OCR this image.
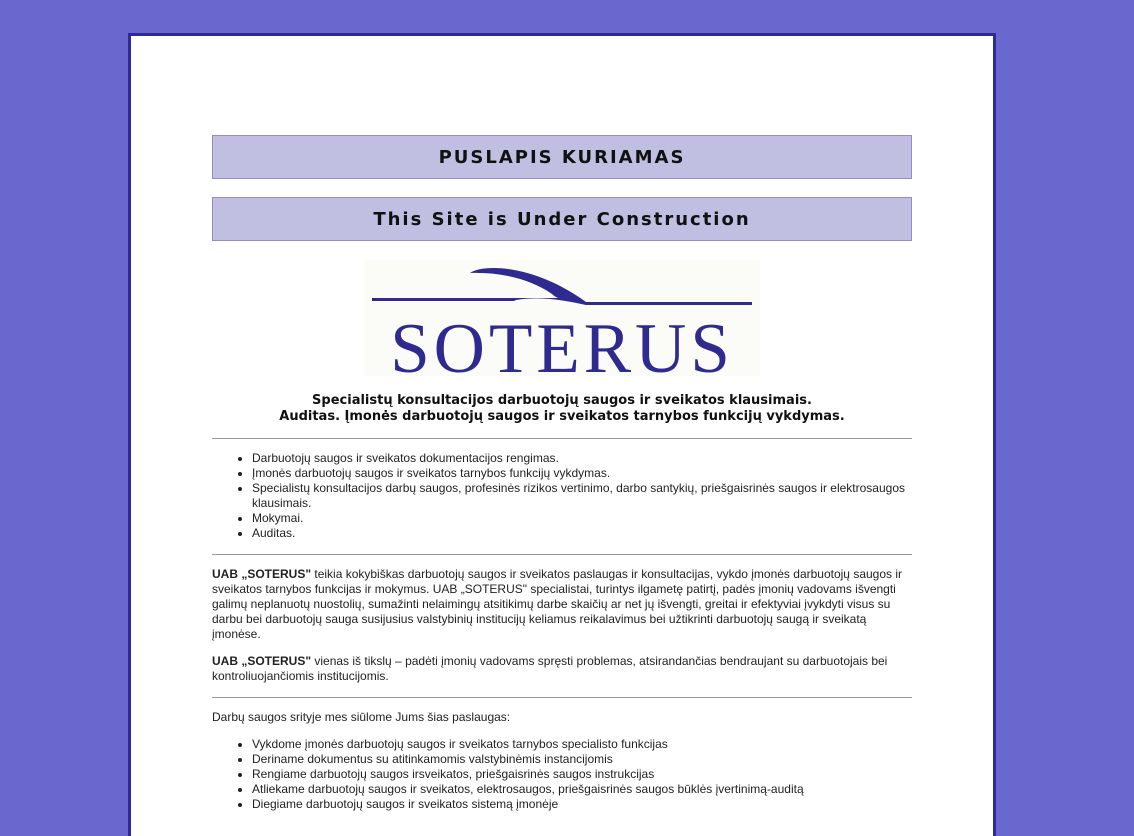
PUSLAPIS KURIAMAS
This Site is Under Construction
SOTERUS
Specialistų konsultacijos darbuotojų saugos ir sveikatos klausimais.
Auditas. Įmonės darbuotojų saugos ir sveikatos tarnybos funkcijų vykdymas.
• Darbuotojų saugos ir sveikatos dokumentacijos rengimas.
• Įmonės darbuotojų saugos ir sveikatos tarnybos funkcijų vykdymas.
• Specialistų konsultacijos darbų saugos, profesinės rizikos vertinimo, darbo santykių, priešgaisrinės saugos ir elektrosaugos klausimais.
• Mokymai.
• Auditas.

UAB „SOTERUS" teikia kokybiškas darbuotojų saugos ir sveikatos paslaugas ir konsultacijas, vykdo įmonės darbuotojų saugos ir sveikatos tarnybos funkcijas ir mokymus. UAB „SOTERUS" specialistai, turintys ilgametę patirtį, padės įmonių vadovams išvengti galimų neplanuotų nuostolių, sumažinti nelaimingų atsitikimų darbe skaičių ar net jų išvengti, greitai ir efektyviai įvykdyti visus su darbu bei darbuotojų sauga susijusius valstybinių institucijų keliamus reikalavimus bei užtikrinti darbuotojų saugą ir sveikatą įmonėse.

UAB „SOTERUS" vienas iš tikslų – padėti įmonių vadovams spręsti problemas, atsirandančias bendraujant su darbuotojais bei kontroliuojančiomis institucijomis.

Darbų saugos srityje mes siūlome Jums šias paslaugas:

• Vykdome įmonės darbuotojų saugos ir sveikatos tarnybos specialisto funkcijas
• Deriname dokumentus su atitinkamomis valstybinėmis instancijomis
• Rengiame darbuotojų saugos irsveikatos, priešgaisrinės saugos instrukcijas
• Atliekame darbuotojų saugos ir sveikatos, elektrosaugos, priešgaisrinės saugos būklės įvertinimą-auditą
• Diegiame darbuotojų saugos ir sveikatos sistemą įmonėje
